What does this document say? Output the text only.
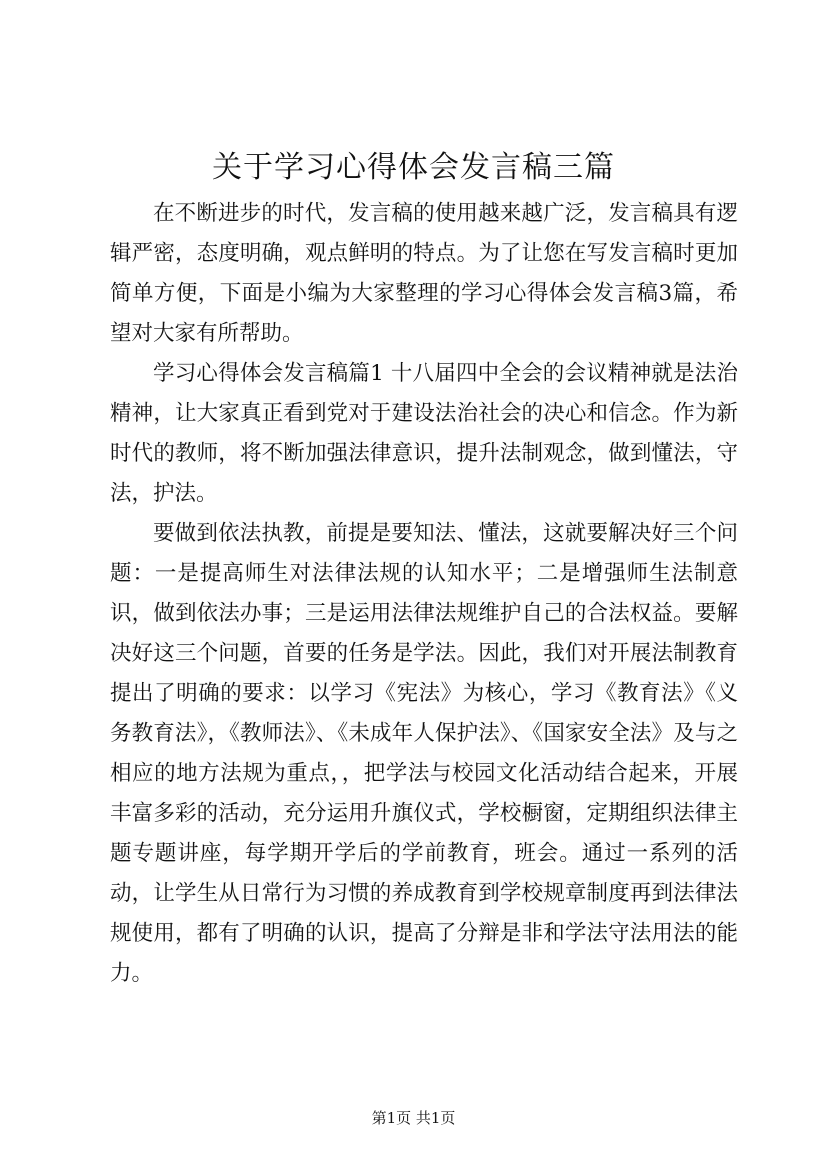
关于学习心得体会发言稿三篇

在不断进步的时代，发言稿的使用越来越广泛，发言稿具有逻辑严密，态度明确，观点鲜明的特点。为了让您在写发言稿时更加简单方便，下面是小编为大家整理的学习心得体会发言稿3篇，希望对大家有所帮助。

学习心得体会发言稿篇1 十八届四中全会的会议精神就是法治精神，让大家真正看到党对于建设法治社会的决心和信念。作为新时代的教师，将不断加强法律意识，提升法制观念，做到懂法，守法，护法。

要做到依法执教，前提是要知法、懂法，这就要解决好三个问题：一是提高师生对法律法规的认知水平；二是增强师生法制意识，做到依法办事；三是运用法律法规维护自己的合法权益。要解决好这三个问题，首要的任务是学法。因此，我们对开展法制教育提出了明确的要求：以学习《宪法》为核心，学习《教育法》《义务教育法》，《教师法》、《未成年人保护法》、《国家安全法》及与之相应的地方法规为重点，，把学法与校园文化活动结合起来，开展丰富多彩的活动，充分运用升旗仪式，学校橱窗，定期组织法律主题专题讲座，每学期开学后的学前教育，班会。通过一系列的活动，让学生从日常行为习惯的养成教育到学校规章制度再到法律法规使用，都有了明确的认识，提高了分辩是非和学法守法用法的能力。

第1页 共1页
